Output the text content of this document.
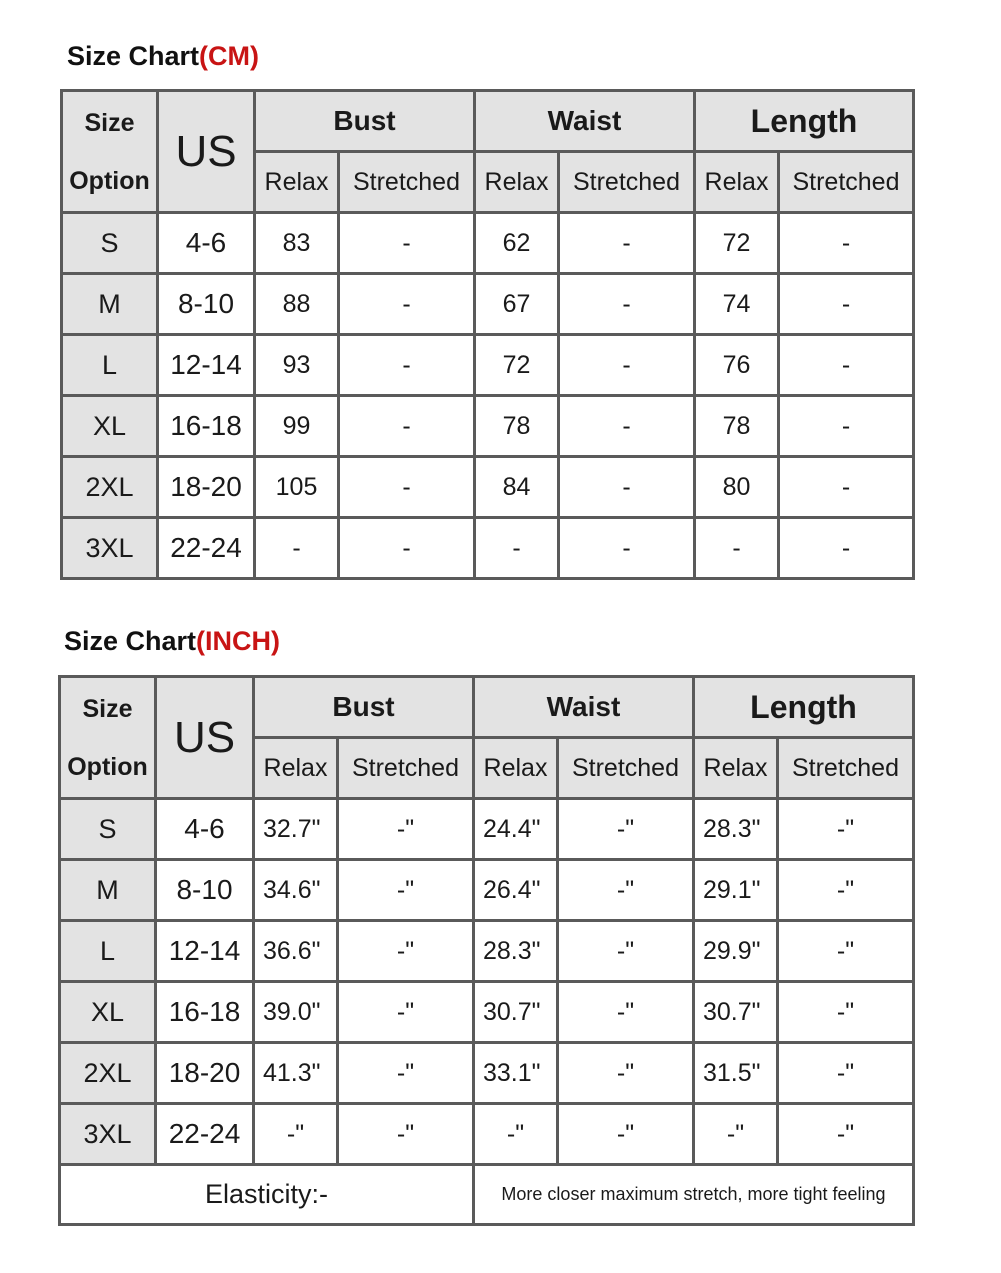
Size Chart(CM)
Size
Option	US	Bust		Waist		Length	
		Relax	Stretched	Relax	Stretched	Relax	Stretched
S	4-6	83	-	62	-	72	-
M	8-10	88	-	67	-	74	-
L	12-14	93	-	72	-	76	-
XL	16-18	99	-	78	-	78	-
2XL	18-20	105	-	84	-	80	-
3XL	22-24	-	-	-	-	-	-
Size Chart(INCH)
Size
Option	US	Bust		Waist		Length	
		Relax	Stretched	Relax	Stretched	Relax	Stretched
S	4-6	32.7"	-"	24.4"	-"	28.3"	-"
M	8-10	34.6"	-"	26.4"	-"	29.1"	-"
L	12-14	36.6"	-"	28.3"	-"	29.9"	-"
XL	16-18	39.0"	-"	30.7"	-"	30.7"	-"
2XL	18-20	41.3"	-"	33.1"	-"	31.5"	-"
3XL	22-24	-"	-"	-"	-"	-"	-"
Elasticity:-				More closer maximum stretch, more tight feeling			
